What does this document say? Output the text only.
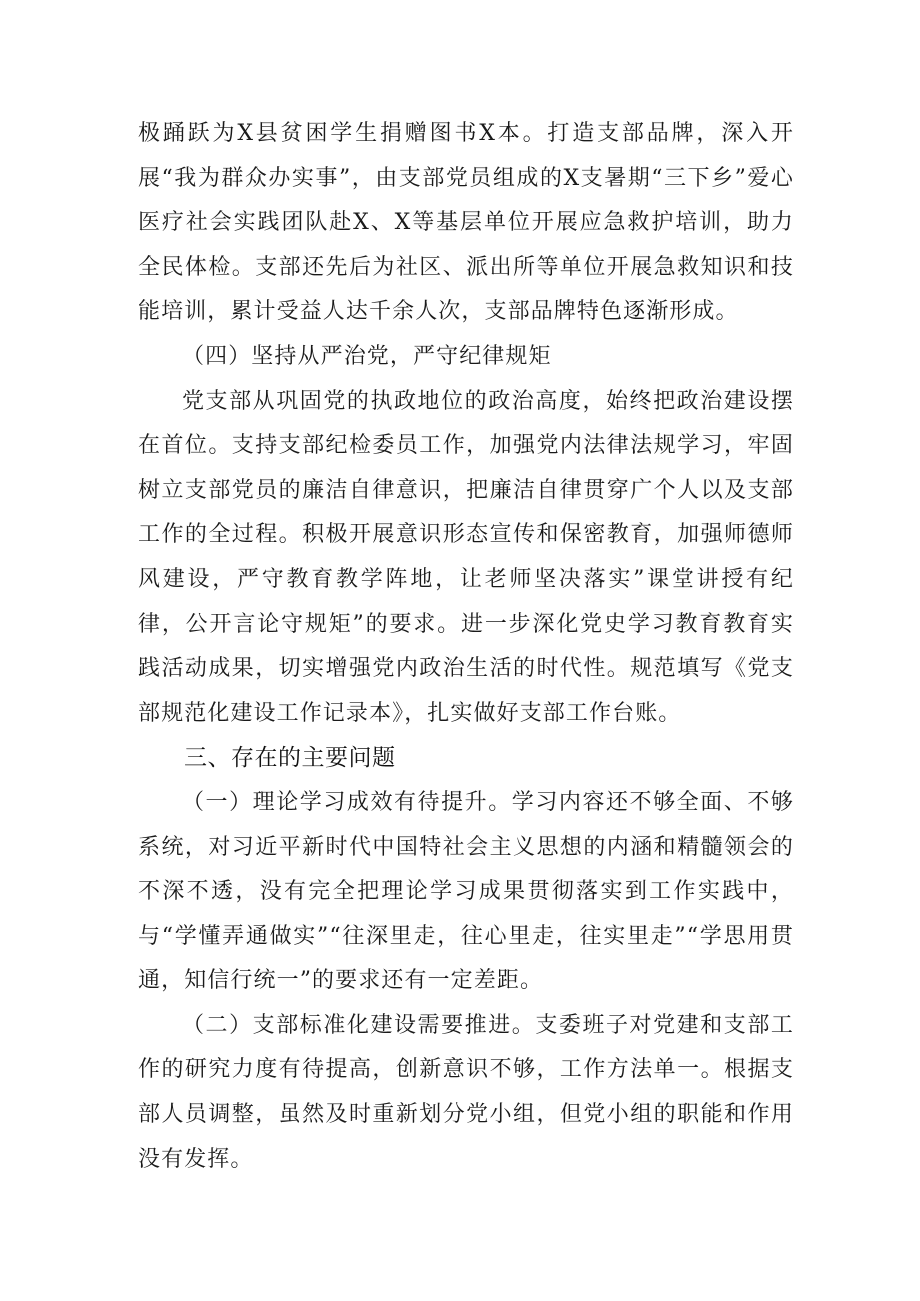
极踊跃为X县贫困学生捐赠图书X本。打造支部品牌，深入开展“我为群众办实事”，由支部党员组成的X支暑期“三下乡”爱心医疗社会实践团队赴X、X等基层单位开展应急救护培训，助力全民体检。支部还先后为社区、派出所等单位开展急救知识和技能培训，累计受益人达千余人次，支部品牌特色逐渐形成。

（四）坚持从严治党，严守纪律规矩

党支部从巩固党的执政地位的政治高度，始终把政治建设摆在首位。支持支部纪检委员工作，加强党内法律法规学习，牢固树立支部党员的廉洁自律意识，把廉洁自律贯穿广个人以及支部工作的全过程。积极开展意识形态宣传和保密教育，加强师德师风建设，严守教育教学阵地，让老师坚决落实”课堂讲授有纪律，公开言论守规矩”的要求。进一步深化党史学习教育教育实践活动成果，切实增强党内政治生活的时代性。规范填写《党支部规范化建设工作记录本》，扎实做好支部工作台账。

三、存在的主要问题

（一）理论学习成效有待提升。学习内容还不够全面、不够系统，对习近平新时代中国特社会主义思想的内涵和精髓领会的不深不透，没有完全把理论学习成果贯彻落实到工作实践中，与“学懂弄通做实”“往深里走，往心里走，往实里走”“学思用贯通，知信行统一”的要求还有一定差距。

（二）支部标准化建设需要推进。支委班子对党建和支部工作的研究力度有待提高，创新意识不够，工作方法单一。根据支部人员调整，虽然及时重新划分党小组，但党小组的职能和作用没有发挥。
